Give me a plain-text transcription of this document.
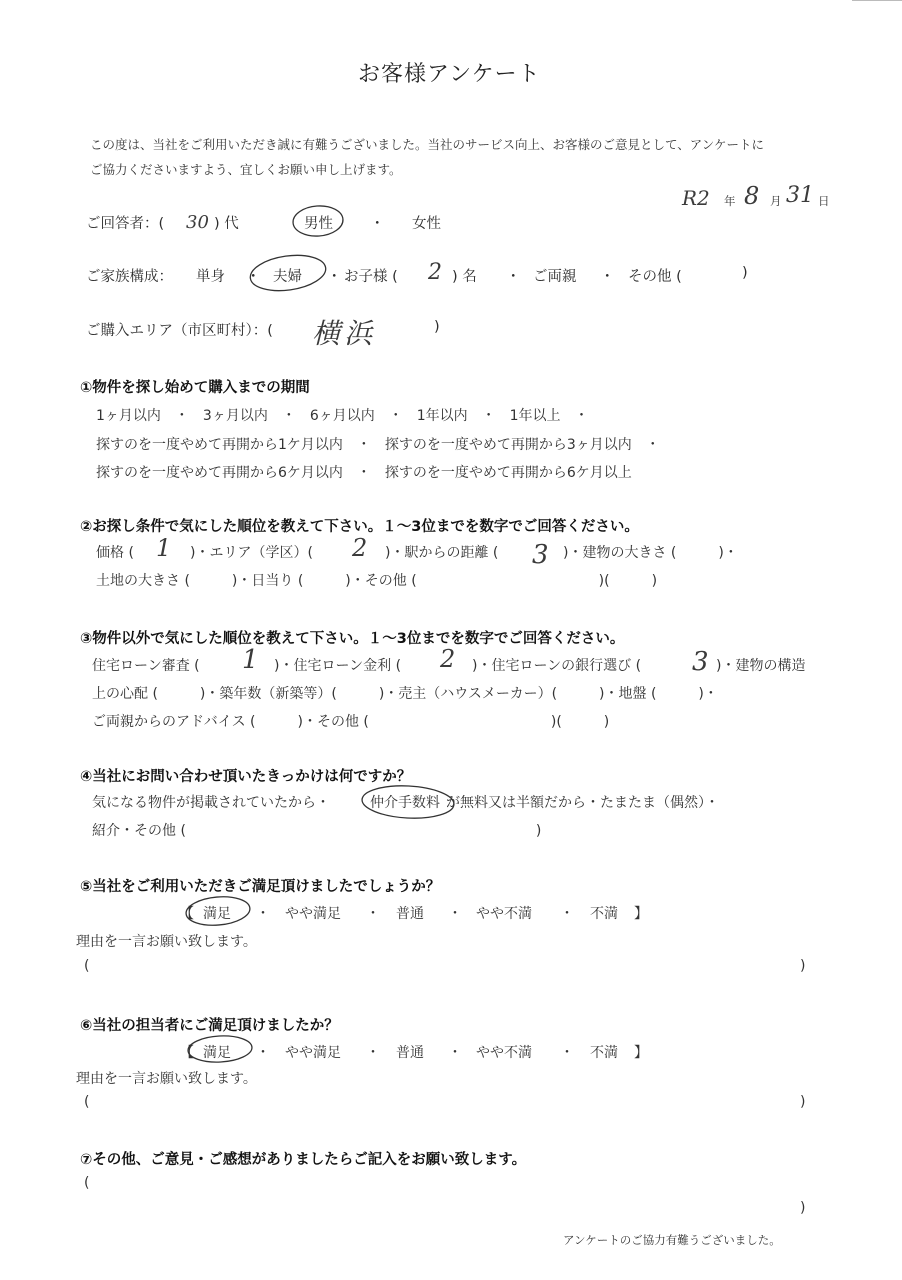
お客様アンケート
この度は、当社をご利用いただき誠に有難うございました。当社のサービス向上、お客様のご意見として、アンケートに
ご協力くださいますよう、宜しくお願い申し上げます。
R2 年 8 月 31 日
ご回答者：( 30 ) 代	男性	・ 女性
ご家族構成： 単身 ・ 夫婦 ・ お子様 ( 2 ) 名 ・ ご両親 ・ その他 (	)
ご購入エリア（市区町村）：( 横浜	)
①物件を探し始めて購入までの期間
1ヶ月以内　・　3ヶ月以内　・　6ヶ月以内　・　1年以内　・　1年以上　・
探すのを一度やめて再開から1ケ月以内　・　探すのを一度やめて再開から3ヶ月以内　・
探すのを一度やめて再開から6ケ月以内　・　探すのを一度やめて再開から6ケ月以上
②お探し条件で気にした順位を教えて下さい。１～3位までを数字でご回答ください。
価格 ( 1 )・エリア（学区）( 2 )・駅からの距離 ( 3 )・建物の大きさ (　　　)・
土地の大きさ (　　　)・日当り (　　　)・その他 (　　　　　　　　　　　　　)(　　　)
③物件以外で気にした順位を教えて下さい。１～3位までを数字でご回答ください。
住宅ローン審査 ( 1 )・住宅ローン金利 ( 2 )・住宅ローンの銀行選び ( 3 )・建物の構造
上の心配 (　　　)・築年数（新築等）(　　　)・売主（ハウスメーカー）(　　　)・地盤 (　　　)・
ご両親からのアドバイス (　　　)・その他 (　　　　　　　　　　　　　)(　　　)
④当社にお問い合わせ頂いたきっかけは何ですか？
気になる物件が掲載されていたから・	仲介手数料 が無料又は半額だから・たまたま（偶然）・
紹介・その他 (　　　　　　　　　　　　　　　　　　　　　　　　　)
⑤当社をご利用いただきご満足頂けましたでしょうか？
【 満足 ・ やや満足 ・ 普通 ・ やや不満 ・ 不満 】
理由を一言お願い致します。
(	)
⑥当社の担当者にご満足頂けましたか？
【 満足 ・ やや満足 ・ 普通 ・ やや不満 ・ 不満 】
理由を一言お願い致します。
(	)
⑦その他、ご意見・ご感想がありましたらご記入をお願い致します。
(
)
アンケートのご協力有難うございました。
